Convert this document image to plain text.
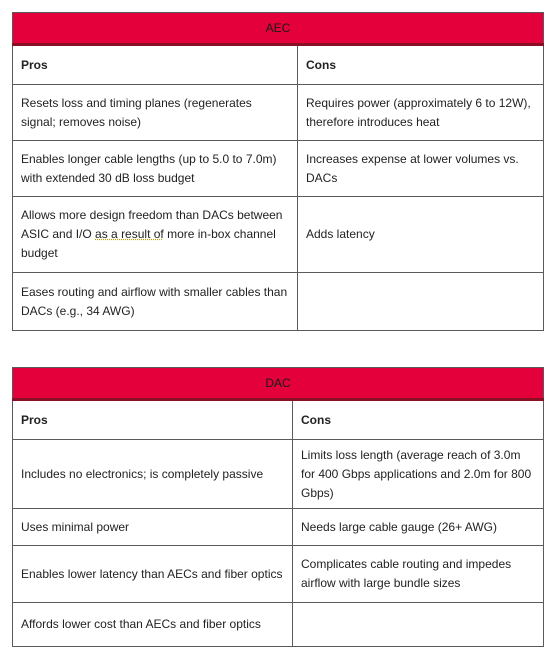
AEC	
Pros	Cons
Resets loss and timing planes (regenerates signal; removes noise)	Requires power (approximately 6 to 12W), therefore introduces heat
Enables longer cable lengths (up to 5.0 to 7.0m) with extended 30 dB loss budget	Increases expense at lower volumes vs. DACs
Allows more design freedom than DACs between ASIC and I/O as a result of more in-box channel budget	Adds latency
Eases routing and airflow with smaller cables than DACs (e.g., 34 AWG)	
DAC	
Pros	Cons
Includes no electronics; is completely passive	Limits loss length (average reach of 3.0m for 400 Gbps applications and 2.0m for 800 Gbps)
Uses minimal power	Needs large cable gauge (26+ AWG)
Enables lower latency than AECs and fiber optics	Complicates cable routing and impedes airflow with large bundle sizes
Affords lower cost than AECs and fiber optics	
